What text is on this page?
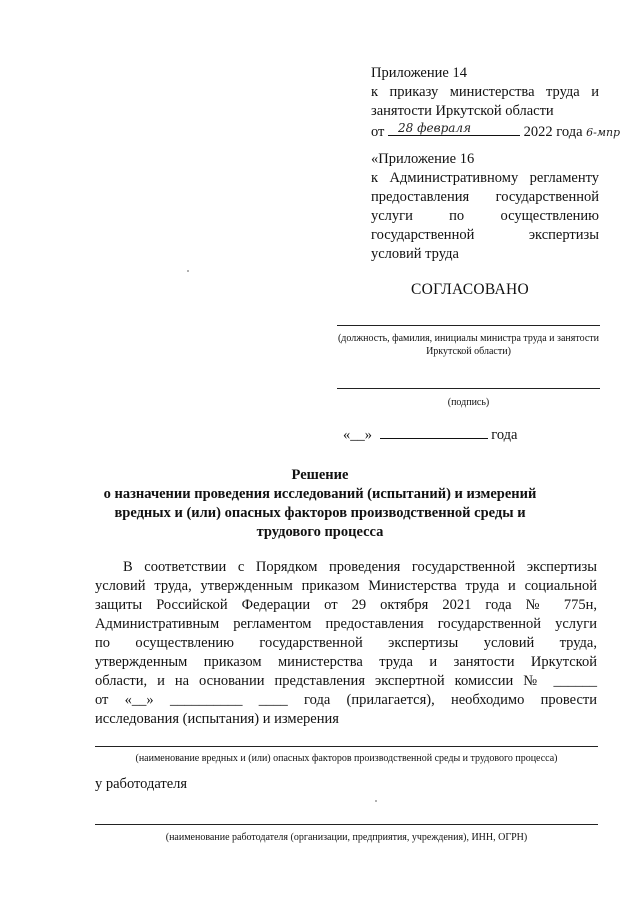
Приложение 14
к приказу министерства труда и
занятости Иркутской области
от 28 февраля	2022 года 6-мпр
«Приложение 16
к Административному регламенту
предоставления государственной
услуги по осуществлению
государственной экспертизы
условий труда
СОГЛАСОВАНО
(должность, фамилия, инициалы министра труда и занятости Иркутской области)
(подпись)
«__»	года
Решение
о назначении проведения исследований (испытаний) и измерений
вредных и (или) опасных факторов производственной среды и
трудового процесса
В соответствии с Порядком проведения государственной экспертизы
условий труда, утвержденным приказом Министерства труда и социальной
защиты Российской Федерации от 29 октября 2021 года № 775н,
Административным регламентом предоставления государственной услуги
по осуществлению государственной экспертизы условий труда,
утвержденным приказом министерства труда и занятости Иркутской
области, и на основании представления экспертной комиссии № ______
от «__» __________ ____ года (прилагается), необходимо провести
исследования (испытания) и измерения
(наименование вредных и (или) опасных факторов производственной среды и трудового процесса)
у работодателя
(наименование работодателя (организации, предприятия, учреждения), ИНН, ОГРН)
